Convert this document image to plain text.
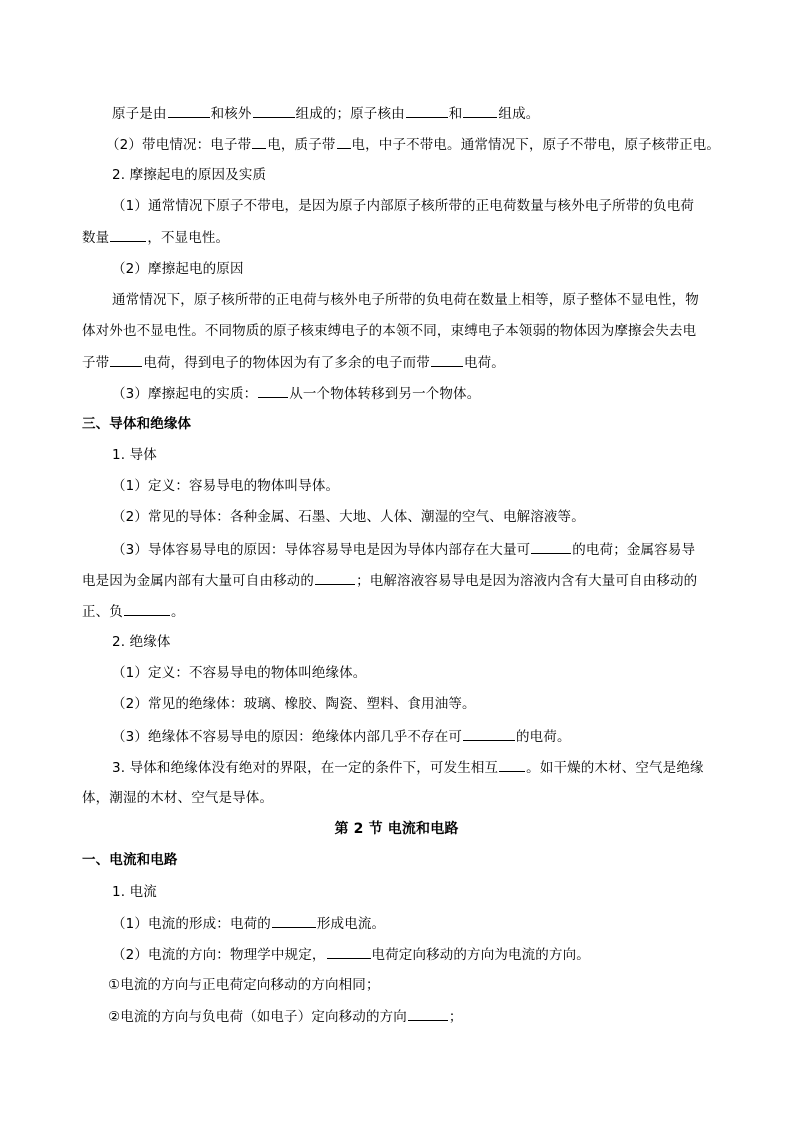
原子是由	和核外	组成的；原子核由	和	组成。
（2）带电情况：电子带 电，质子带 电，中子不带电。通常情况下，原子不带电，原子核带正电。
2. 摩擦起电的原因及实质
（1）通常情况下原子不带电，是因为原子内部原子核所带的正电荷数量与核外电子所带的负电荷
数量	，不显电性。
（2）摩擦起电的原因
通常情况下，原子核所带的正电荷与核外电子所带的负电荷在数量上相等，原子整体不显电性，物
体对外也不显电性。不同物质的原子核束缚电子的本领不同，束缚电子本领弱的物体因为摩擦会失去电
子带	电荷，得到电子的物体因为有了多余的电子而带	电荷。
（3）摩擦起电的实质： 从一个物体转移到另一个物体。
三、导体和绝缘体
1. 导体
（1）定义：容易导电的物体叫导体。
（2）常见的导体：各种金属、石墨、大地、人体、潮湿的空气、电解溶液等。
（3）导体容易导电的原因：导体容易导电是因为导体内部存在大量可	的电荷；金属容易导
电是因为金属内部有大量可自由移动的	；电解溶液容易导电是因为溶液内含有大量可自由移动的
正、负	。
2. 绝缘体
（1）定义：不容易导电的物体叫绝缘体。
（2）常见的绝缘体：玻璃、橡胶、陶瓷、塑料、食用油等。
（3）绝缘体不容易导电的原因：绝缘体内部几乎不存在可	的电荷。
3. 导体和绝缘体没有绝对的界限，在一定的条件下，可发生相互 。如干燥的木材、空气是绝缘
体，潮湿的木材、空气是导体。
第 2 节 电流和电路
一、电流和电路
1. 电流
（1）电流的形成：电荷的	形成电流。
（2）电流的方向：物理学中规定，	电荷定向移动的方向为电流的方向。
①电流的方向与正电荷定向移动的方向相同；
②电流的方向与负电荷（如电子）定向移动的方向	；
